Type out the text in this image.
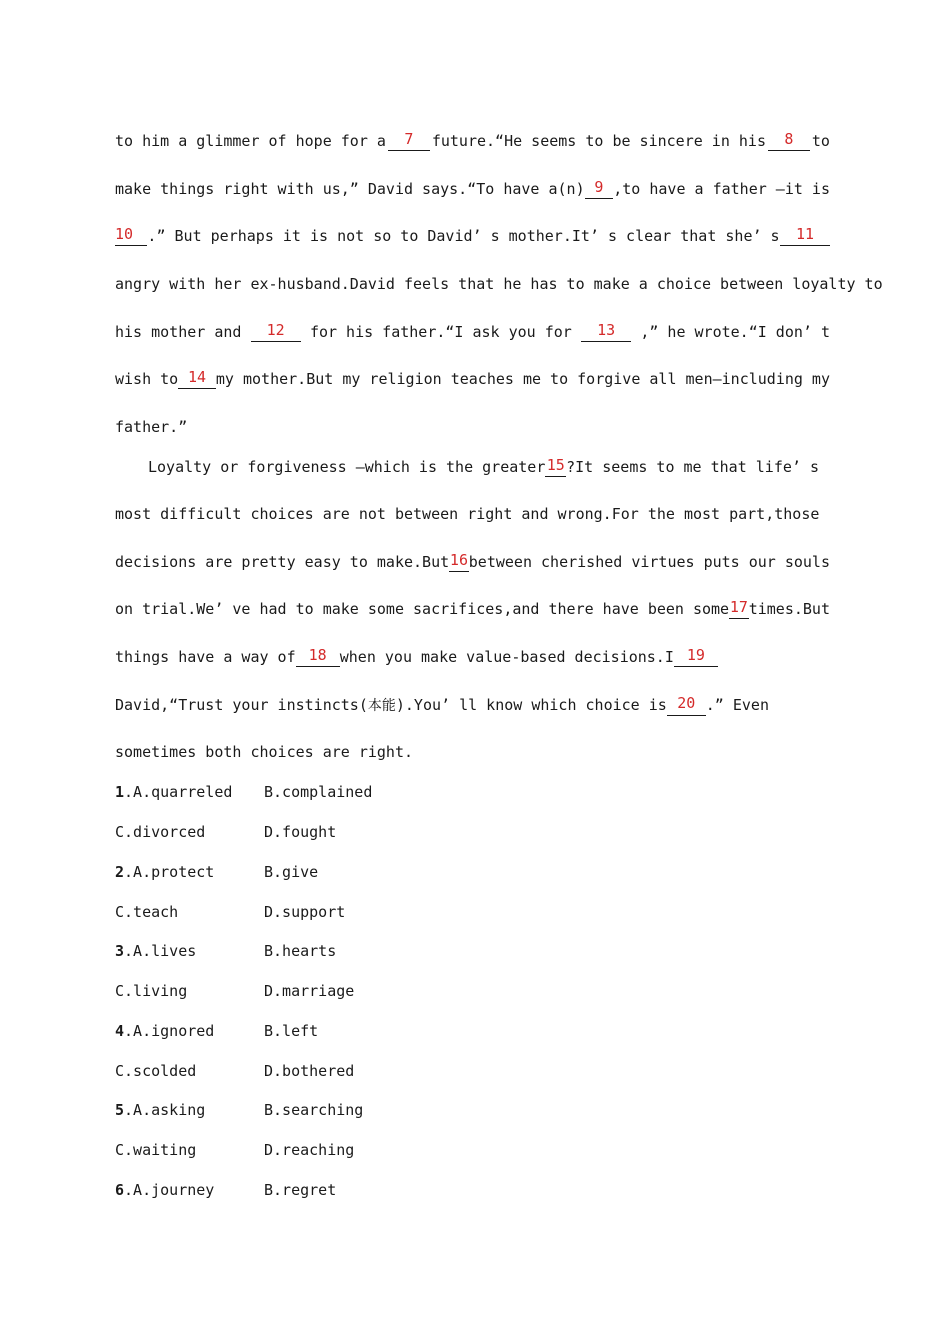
to him a glimmer of hope for a	7	future.“He seems to be sincere in his	8	to
make things right with us,” David says.“To have a(n) 9 ,to have a father —it is
10 .” But perhaps it is not so to David’ s mother.It’ s clear that she’ s	11
angry with her ex-husband.David feels that he has to make a choice between loyalty to
his mother and	12	for his father.“I ask you for	13	,” he wrote.“I don’ t
wish to 14 my mother.But my religion teaches me to forgive all men—including my
father.”
Loyalty or forgiveness —which is the greater 15 ?It seems to me that life’ s
most difficult choices are not between right and wrong.For the most part,those
decisions are pretty easy to make.But 16 between cherished virtues puts our souls
on trial.We’ ve had to make some sacrifices,and there have been some 17 times.But
things have a way of 18 when you make value-based decisions.I 19
David,“Trust your instincts(本能).You’ ll know which choice is 20 .” Even
sometimes both choices are right.
1.A.quarreled B.complained
C.divorced	D.fought
2.A.protect	B.give
C.teach	D.support
3.A.lives	B.hearts
C.living	D.marriage
4.A.ignored	B.left
C.scolded	D.bothered
5.A.asking	B.searching
C.waiting	D.reaching
6.A.journey	B.regret
